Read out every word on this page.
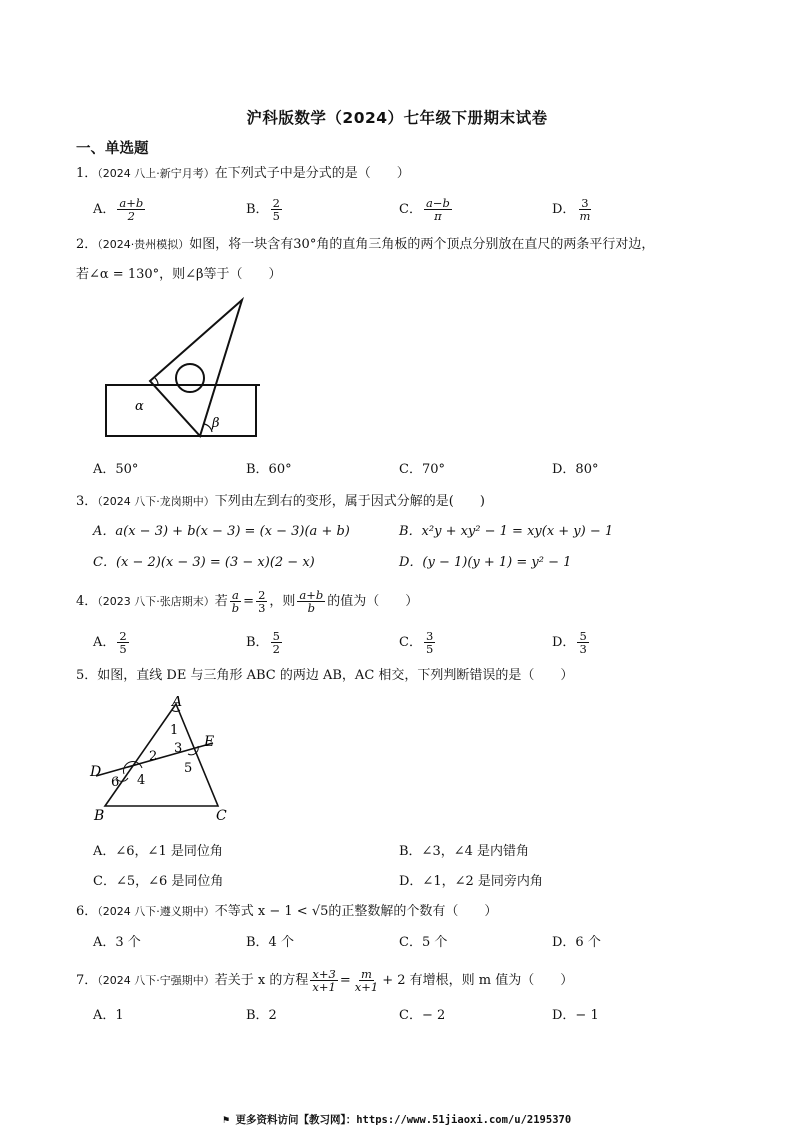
沪科版数学（2024）七年级下册期末试卷
一、单选题
1．（2024 八上·新宁月考）在下列式子中是分式的是（　　）
A． $\frac{a+b}{2}$	B． $\frac{2}{5}$	C． $\frac{a-b}{\pi}$	D． $\frac{3}{m}$
2．（2024·贵州模拟）如图，将一块含有30°角的直角三角板的两个顶点分别放在直尺的两条平行对边，
若∠α = 130°，则∠β等于（　　）
α
β
A．50°	B．60°	C．70°	D．80°
3．（2024 八下·龙岗期中）下列由左到右的变形，属于因式分解的是(　　)
A．a(x − 3) + b(x − 3) = (x − 3)(a + b)	B．x²y + xy² − 1 = xy(x + y) − 1
C．(x − 2)(x − 3) = (3 − x)(2 − x)	D．(y − 1)(y + 1) = y² − 1
4．（2023 八下·张店期末）若 $\frac{a}{b} = \frac{2}{3}$ ，则 $\frac{a+b}{b}$ 的值为（　　）
A． $\frac{2}{5}$	B． $\frac{5}{2}$	C． $\frac{3}{5}$	D． $\frac{5}{3}$
5．如图，直线 DE 与三角形 ABC 的两边 AB，AC 相交，下列判断错误的是（　　）
A
B	C
D
E
1
2
3
4
5
6
A．∠6，∠1 是同位角	B．∠3，∠4 是内错角
C．∠5，∠6 是同位角	D．∠1，∠2 是同旁内角
6．（2024 八下·遵义期中）不等式 x − 1 < √5的正整数解的个数有（　　）
A．3 个	B．4 个	C．5 个	D．6 个
7．（2024 八下·宁强期中）若关于 x 的方程 $\frac{x+3}{x+1} = \frac{m}{x+1} + 2$ 有增根，则 m 值为（　　）
A．1	B．2	C．− 2	D．− 1
⚑ 更多资料访问【教习网】：https://www.51jiaoxi.com/u/2195370
